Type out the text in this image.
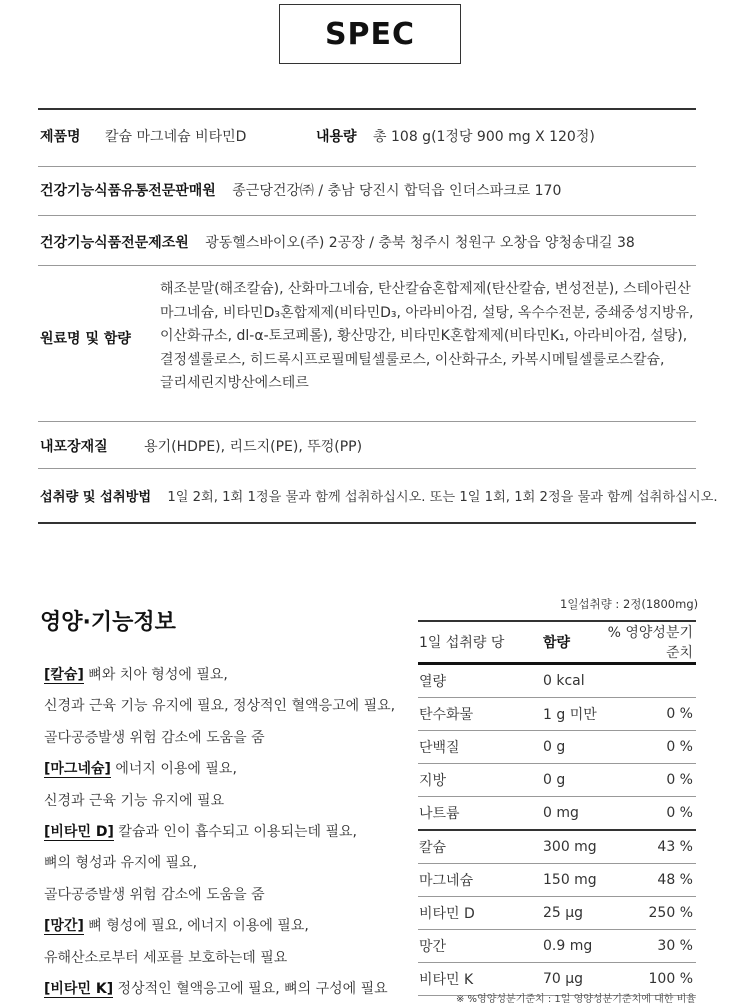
SPEC
제품명 칼슘 마그네슘 비타민D	내용량 총 108 g(1정당 900 mg X 120정)
건강기능식품유통전문판매원 종근당건강㈜ / 충남 당진시 합덕읍 인더스파크로 170
건강기능식품전문제조원 광동헬스바이오(주) 2공장 / 충북 청주시 청원구 오창읍 양청송대길 38
원료명 및 함량
해조분말(해조칼슘), 산화마그네슘, 탄산칼슘혼합제제(탄산칼슘, 변성전분), 스테아린산
마그네슘, 비타민D₃혼합제제(비타민D₃, 아라비아검, 설탕, 옥수수전분, 중쇄중성지방유,
이산화규소, dl-α-토코페롤), 황산망간, 비타민K혼합제제(비타민K₁, 아라비아검, 설탕),
결정셀룰로스, 히드록시프로필메틸셀룰로스, 이산화규소, 카복시메틸셀룰로스칼슘,
글리세린지방산에스테르
내포장재질	용기(HDPE), 리드지(PE), 뚜껑(PP)
섭취량 및 섭취방법 1일 2회, 1회 1정을 물과 함께 섭취하십시오. 또는 1일 1회, 1회 2정을 물과 함께 섭취하십시오.
영양·기능정보
[칼슘] 뼈와 치아 형성에 필요,
신경과 근육 기능 유지에 필요, 정상적인 혈액응고에 필요,
골다공증발생 위험 감소에 도움을 줌
[마그네슘] 에너지 이용에 필요,
신경과 근육 기능 유지에 필요
[비타민 D] 칼슘과 인이 흡수되고 이용되는데 필요,
뼈의 형성과 유지에 필요,
골다공증발생 위험 감소에 도움을 줌
[망간] 뼈 형성에 필요, 에너지 이용에 필요,
유해산소로부터 세포를 보호하는데 필요
[비타민 K] 정상적인 혈액응고에 필요, 뼈의 구성에 필요
1일섭취량 : 2정(1800mg)
1일 섭취량 당	함량	% 영양성분기준치
열량	0 kcal	
탄수화물	1 g 미만	0 %
단백질	0 g	0 %
지방	0 g	0 %
나트륨	0 mg	0 %
칼슘	300 mg	43 %
마그네슘	150 mg	48 %
비타민 D	25 μg	250 %
망간	0.9 mg	30 %
비타민 K	70 μg	100 %
※ %영양성분기준치 : 1일 영양성분기준치에 대한 비율
